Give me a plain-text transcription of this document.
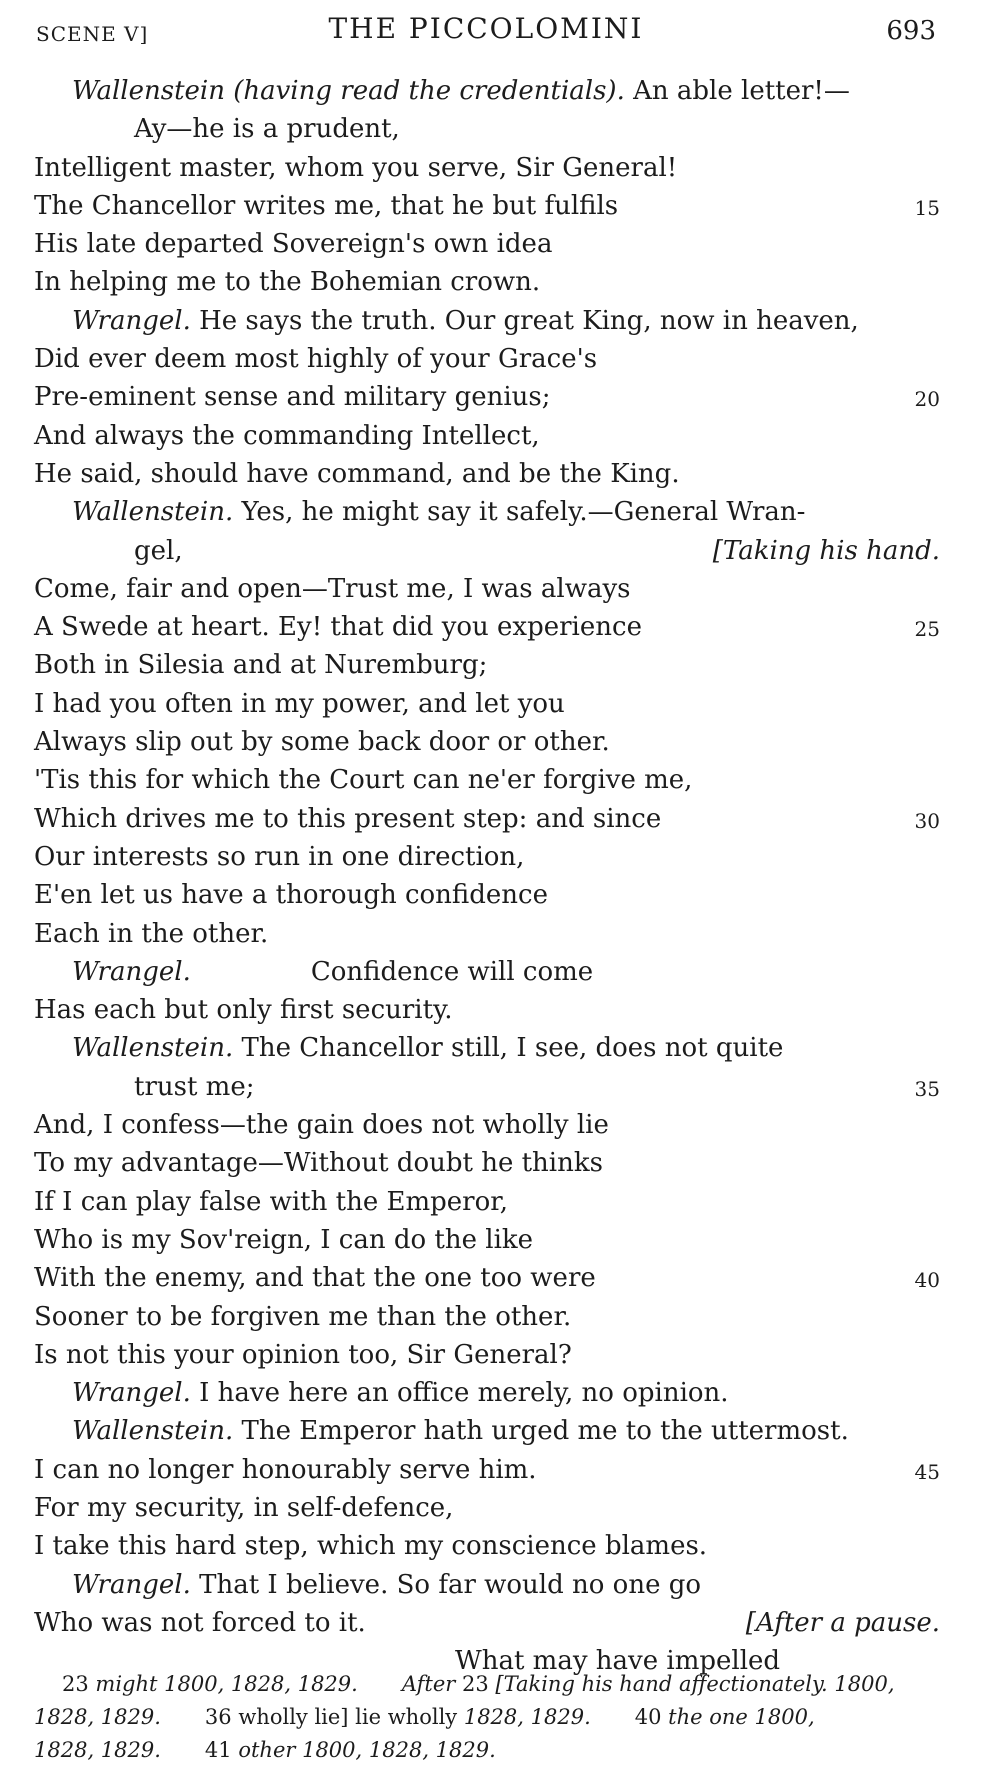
SCENE V]	THE PICCOLOMINI	693
Wallenstein (having read the credentials). An able letter!—
Ay—he is a prudent,
Intelligent master, whom you serve, Sir General!
The Chancellor writes me, that he but fulfils	15
His late departed Sovereign's own idea
In helping me to the Bohemian crown.
Wrangel. He says the truth. Our great King, now in heaven,
Did ever deem most highly of your Grace's
Pre-eminent sense and military genius;	20
And always the commanding Intellect,
He said, should have command, and be the King.
Wallenstein. Yes, he might say it safely.—General Wran-
gel,	[Taking his hand.
Come, fair and open—Trust me, I was always
A Swede at heart. Ey! that did you experience	25
Both in Silesia and at Nuremburg;
I had you often in my power, and let you
Always slip out by some back door or other.
'Tis this for which the Court can ne'er forgive me,
Which drives me to this present step: and since	30
Our interests so run in one direction,
E'en let us have a thorough confidence
Each in the other.
Wrangel.	Confidence will come
Has each but only first security.
Wallenstein. The Chancellor still, I see, does not quite
trust me;	35
And, I confess—the gain does not wholly lie
To my advantage—Without doubt he thinks
If I can play false with the Emperor,
Who is my Sov'reign, I can do the like
With the enemy, and that the one too were	40
Sooner to be forgiven me than the other.
Is not this your opinion too, Sir General?
Wrangel. I have here an office merely, no opinion.
Wallenstein. The Emperor hath urged me to the uttermost.
I can no longer honourably serve him.	45
For my security, in self-defence,
I take this hard step, which my conscience blames.
Wrangel. That I believe. So far would no one go
Who was not forced to it.	[After a pause.
What may have impelled
23 might 1800, 1828, 1829. After 23 [Taking his hand affectionately. 1800,
1828, 1829. 36 wholly lie] lie wholly 1828, 1829. 40 the one 1800,
1828, 1829. 41 other 1800, 1828, 1829.
